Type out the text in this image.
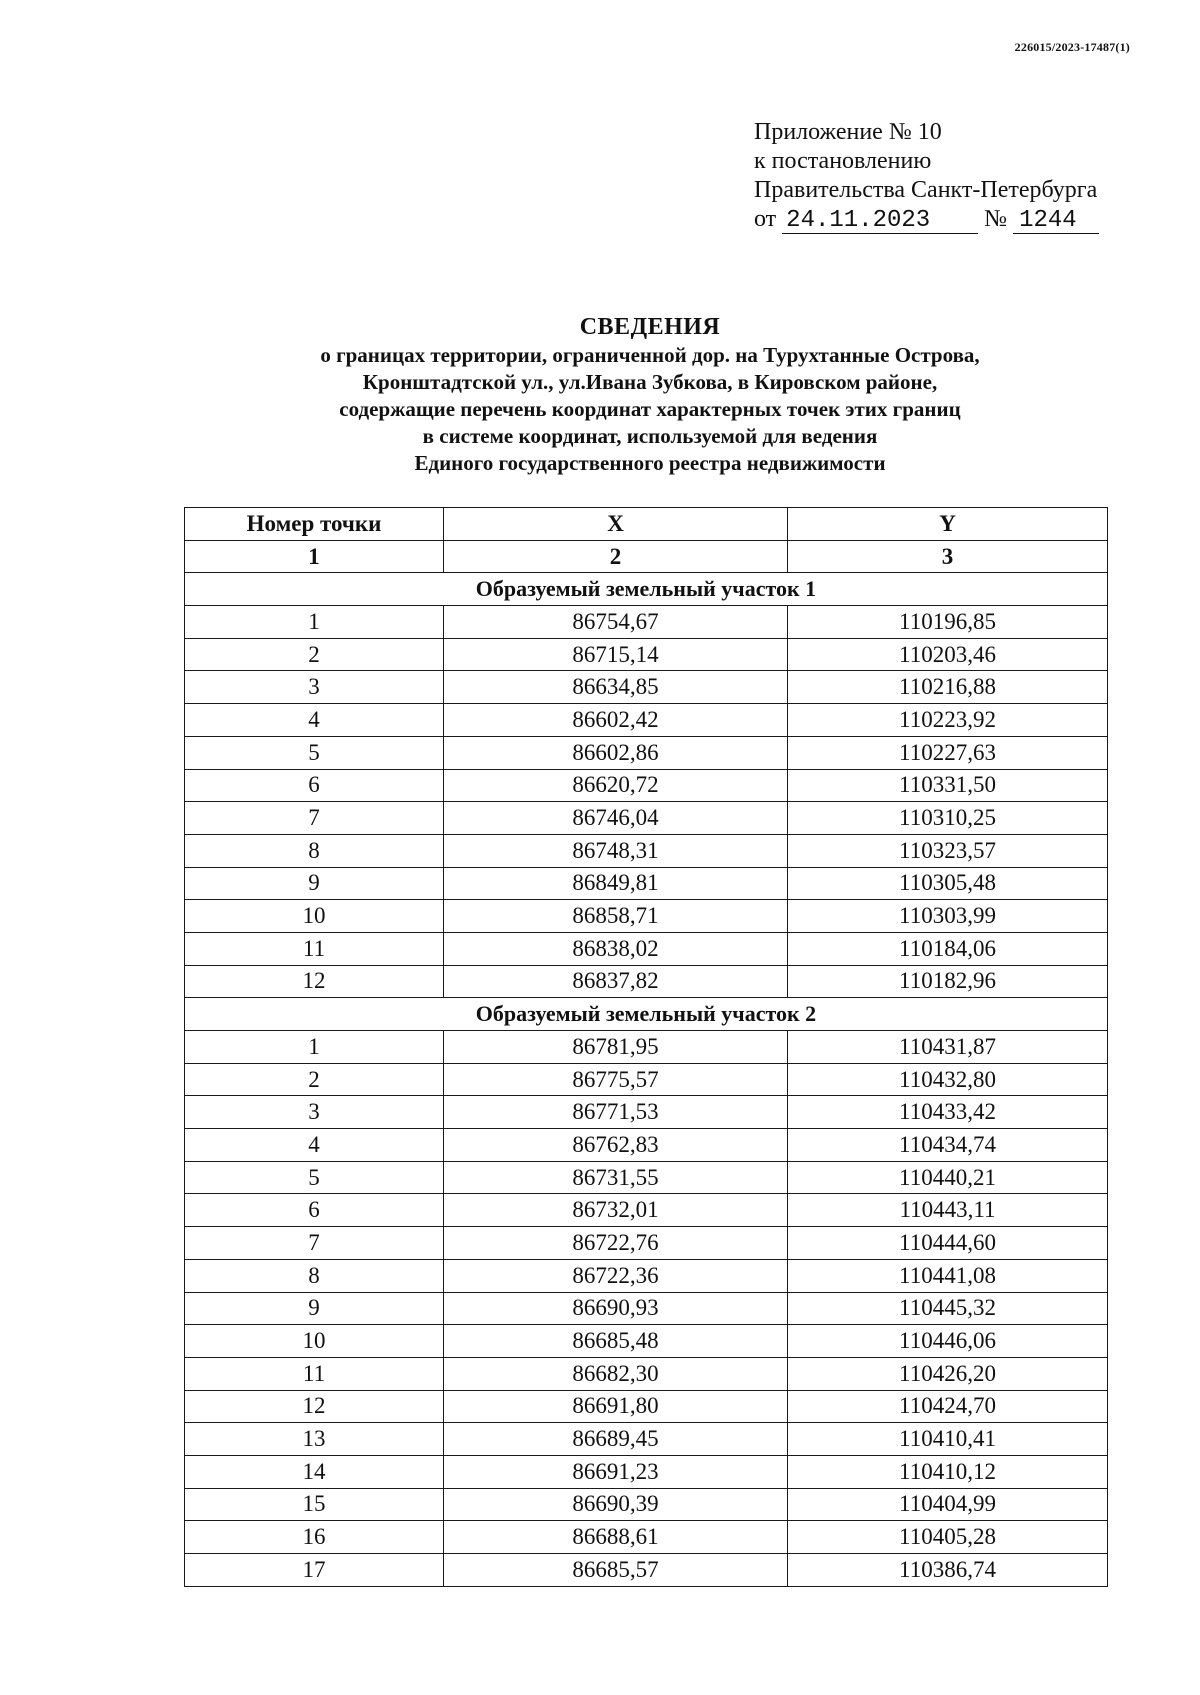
226015/2023-17487(1)
Приложение № 10
к постановлению
Правительства Санкт-Петербурга
от 24.11.2023 № 1244
СВЕДЕНИЯ
о границах территории, ограниченной дор. на Турухтанные Острова,
Кронштадтской ул., ул.Ивана Зубкова, в Кировском районе,
содержащие перечень координат характерных точек этих границ
в системе координат, используемой для ведения
Единого государственного реестра недвижимости
Номер точки	X	Y
1	2	3
Образуемый земельный участок 1		
1	86754,67	110196,85
2	86715,14	110203,46
3	86634,85	110216,88
4	86602,42	110223,92
5	86602,86	110227,63
6	86620,72	110331,50
7	86746,04	110310,25
8	86748,31	110323,57
9	86849,81	110305,48
10	86858,71	110303,99
11	86838,02	110184,06
12	86837,82	110182,96
Образуемый земельный участок 2		
1	86781,95	110431,87
2	86775,57	110432,80
3	86771,53	110433,42
4	86762,83	110434,74
5	86731,55	110440,21
6	86732,01	110443,11
7	86722,76	110444,60
8	86722,36	110441,08
9	86690,93	110445,32
10	86685,48	110446,06
11	86682,30	110426,20
12	86691,80	110424,70
13	86689,45	110410,41
14	86691,23	110410,12
15	86690,39	110404,99
16	86688,61	110405,28
17	86685,57	110386,74
